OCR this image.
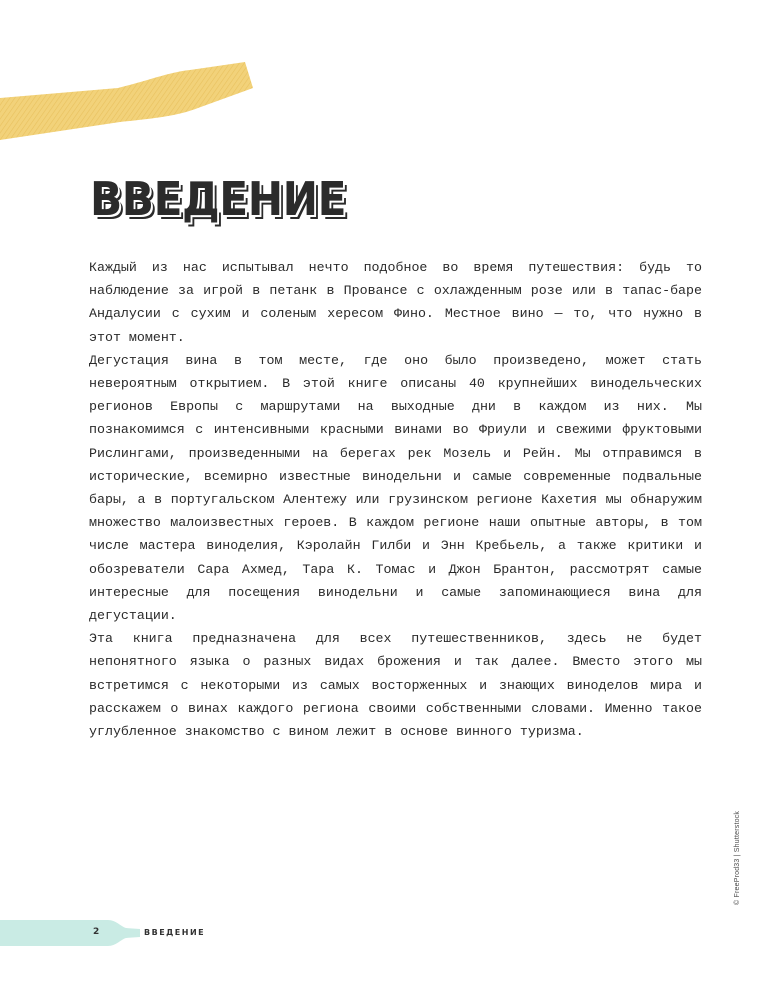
ВВЕДЕНИЕ

Каждый из нас испытывал нечто подобное во время путешествия: будь то наблюдение за игрой в петанк в Провансе с охлажденным розе или в тапас-баре Андалусии с сухим и соленым хересом Фино. Местное вино — то, что нужно в этот момент.

Дегустация вина в том месте, где оно было произведено, может стать невероятным открытием. В этой книге описаны 40 крупнейших винодельческих регионов Европы с маршрутами на выходные дни в каждом из них. Мы познакомимся с интенсивными красными винами во Фриули и свежими фруктовыми Рислингами, произведенными на берегах рек Мозель и Рейн. Мы отправимся в исторические, всемирно известные винодельни и самые современные подвальные бары, а в португальском Алентежу или грузинском регионе Кахетия мы обнаружим множество малоизвестных героев. В каждом регионе наши опытные авторы, в том числе мастера виноделия, Кэролайн Гилби и Энн Кребьель, а также критики и обозреватели Сара Ахмед, Тара К. Томас и Джон Брантон, рассмотрят самые интересные для посещения винодельни и самые запоминающиеся вина для дегустации.

Эта книга предназначена для всех путешественников, здесь не будет непонятного языка о разных видах брожения и так далее. Вместо этого мы встретимся с некоторыми из самых восторженных и знающих виноделов мира и расскажем о винах каждого региона своими собственными словами. Именно такое углубленное знакомство с вином лежит в основе винного туризма.

© FreeProd33 | Shutterstock
2	ВВЕДЕНИЕ
